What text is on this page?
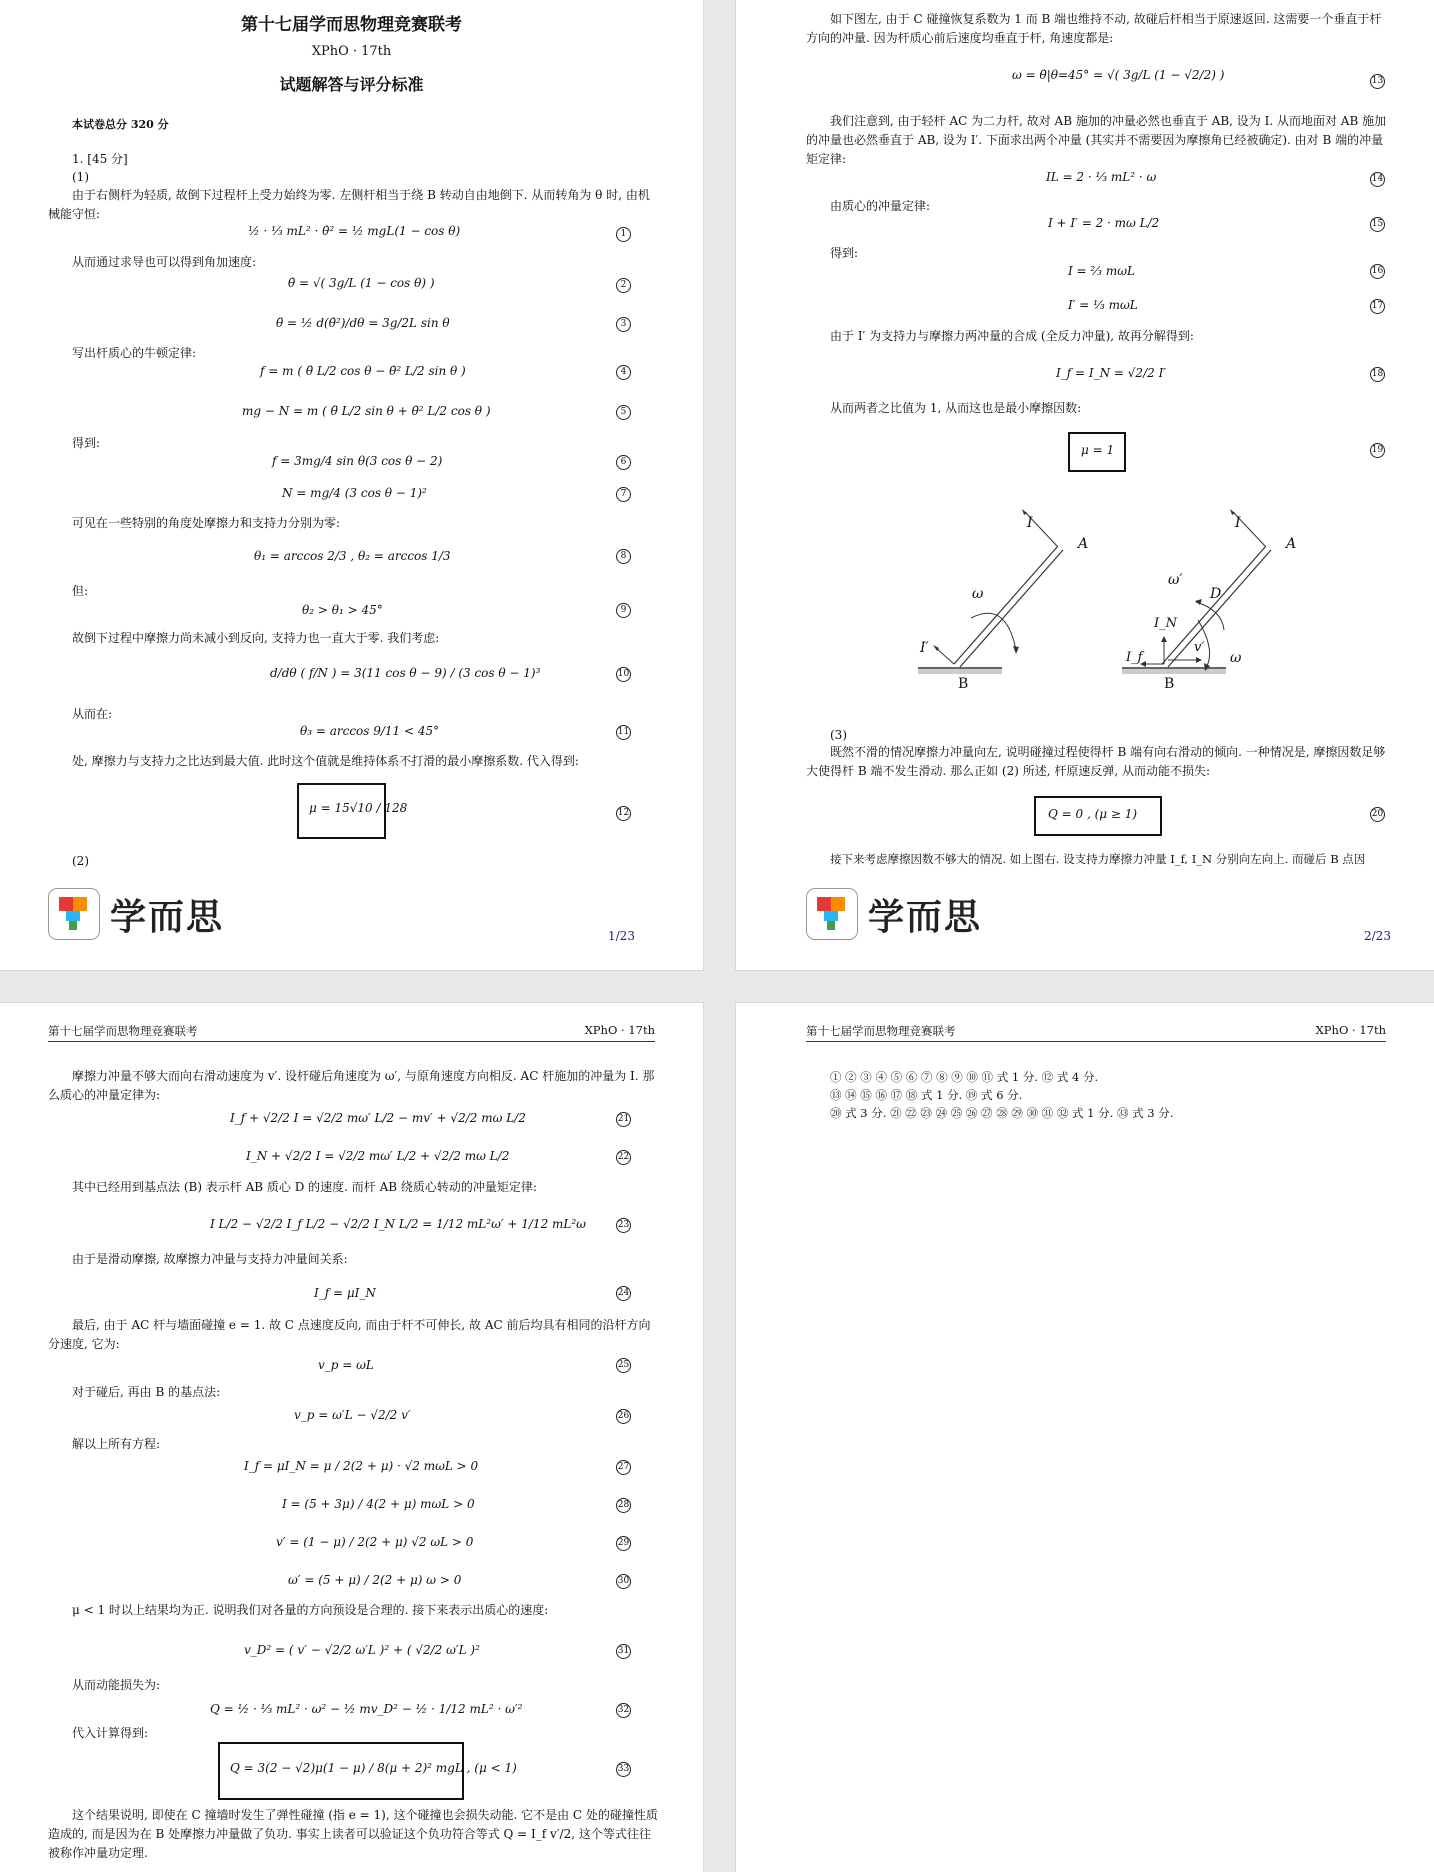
第十七届学而思物理竞赛联考
XPhO · 17th
试题解答与评分标准
本试卷总分 320 分
1. [45 分]
(1)
由于右侧杆为轻质, 故倒下过程杆上受力始终为零. 左侧杆相当于绕 B 转动自由地倒下. 从而转角为 θ 时, 由机械能守恒:
½ · ⅓ mL² · θ̇² = ½ mgL(1 − cos θ)	1
从而通过求导也可以得到角加速度:
θ̇ = √( 3g/L (1 − cos θ) )	2
θ̈ = ½ d(θ̇²)/dθ = 3g/2L sin θ	3
写出杆质心的牛顿定律:
f = m ( θ̈ L/2 cos θ − θ̇² L/2 sin θ )	4
mg − N = m ( θ̈ L/2 sin θ + θ̇² L/2 cos θ )	5
得到:
f = 3mg/4 sin θ(3 cos θ − 2)	6
N = mg/4 (3 cos θ − 1)²	7
可见在一些特别的角度处摩擦力和支持力分别为零:
θ₁ = arccos 2/3 , θ₂ = arccos 1/3	8
但:
θ₂ > θ₁ > 45°	9
故倒下过程中摩擦力尚未减小到反向, 支持力也一直大于零. 我们考虑:
d/dθ ( f/N ) = 3(11 cos θ − 9) / (3 cos θ − 1)³	10
从而在:
θ₃ = arccos 9/11 < 45°	11
处, 摩擦力与支持力之比达到最大值. 此时这个值就是维持体系不打滑的最小摩擦系数. 代入得到:
μ = 15√10 / 128	12
(2)
学而思	1/23
如下图左, 由于 C 碰撞恢复系数为 1 而 B 端也维持不动, 故碰后杆相当于原速返回. 这需要一个垂直于杆方向的冲量. 因为杆质心前后速度均垂直于杆, 角速度都是:
ω = θ̇|θ=45° = √( 3g/L (1 − √2/2) )	13
我们注意到, 由于轻杆 AC 为二力杆, 故对 AB 施加的冲量必然也垂直于 AB, 设为 I. 从而地面对 AB 施加的冲量也必然垂直于 AB, 设为 I′. 下面求出两个冲量 (其实并不需要因为摩擦角已经被确定). 由对 B 端的冲量矩定律:
IL = 2 · ⅓ mL² · ω	14
由质心的冲量定律:
I + I′ = 2 · mω L/2	15
得到:
I = ⅔ mωL	16
I′ = ⅓ mωL	17
由于 I′ 为支持力与摩擦力两冲量的合成 (全反力冲量), 故再分解得到:
I_f = I_N = √2/2 I′	18
从而两者之比值为 1, 从而这也是最小摩擦因数:
μ = 1	19
I
A
ω
I′
B
I
A
ω′
D
I_N
I_f
v′
ω
B
(3)
既然不滑的情况摩擦力冲量向左, 说明碰撞过程使得杆 B 端有向右滑动的倾向. 一种情况是, 摩擦因数足够大使得杆 B 端不发生滑动. 那么正如 (2) 所述, 杆原速反弹, 从而动能不损失:
Q = 0 , (μ ≥ 1)	20
接下来考虑摩擦因数不够大的情况. 如上图右. 设支持力摩擦力冲量 I_f, I_N 分别向左向上. 而碰后 B 点因
学而思	2/23
第十七届学而思物理竞赛联考	XPhO · 17th
摩擦力冲量不够大而向右滑动速度为 v′. 设杆碰后角速度为 ω′, 与原角速度方向相反. AC 杆施加的冲量为 I. 那么质心的冲量定律为:
I_f + √2/2 I = √2/2 mω′ L/2 − mv′ + √2/2 mω L/2	21
I_N + √2/2 I = √2/2 mω′ L/2 + √2/2 mω L/2	22
其中已经用到基点法 (B) 表示杆 AB 质心 D 的速度. 而杆 AB 绕质心转动的冲量矩定律:
I L/2 − √2/2 I_f L/2 − √2/2 I_N L/2 = 1/12 mL²ω′ + 1/12 mL²ω	23
由于是滑动摩擦, 故摩擦力冲量与支持力冲量间关系:
I_f = μI_N	24
最后, 由于 AC 杆与墙面碰撞 e = 1. 故 C 点速度反向, 而由于杆不可伸长, 故 AC 前后均具有相同的沿杆方向分速度, 它为:
v_p = ωL	25
对于碰后, 再由 B 的基点法:
v_p = ω′L − √2/2 v′	26
解以上所有方程:
I_f = μI_N = μ / 2(2 + μ) · √2 mωL > 0	27
I = (5 + 3μ) / 4(2 + μ) mωL > 0	28
v′ = (1 − μ) / 2(2 + μ) √2 ωL > 0	29
ω′ = (5 + μ) / 2(2 + μ) ω > 0	30
μ < 1 时以上结果均为正. 说明我们对各量的方向预设是合理的. 接下来表示出质心的速度:
v_D² = ( v′ − √2/2 ω′L )² + ( √2/2 ω′L )²	31
从而动能损失为:
Q = ½ · ⅓ mL² · ω² − ½ mv_D² − ½ · 1/12 mL² · ω′²	32
代入计算得到:
Q = 3(2 − √2)μ(1 − μ) / 8(μ + 2)² mgL , (μ < 1)	33
这个结果说明, 即使在 C 撞墙时发生了弹性碰撞 (指 e = 1), 这个碰撞也会损失动能. 它不是由 C 处的碰撞性质造成的, 而是因为在 B 处摩擦力冲量做了负功. 事实上读者可以验证这个负功符合等式 Q = I_f v′/2, 这个等式往往被称作冲量功定理.
第十七届学而思物理竞赛联考	XPhO · 17th
① ② ③ ④ ⑤ ⑥ ⑦ ⑧ ⑨ ⑩ ⑪ 式 1 分. ⑫ 式 4 分.
⑬ ⑭ ⑮ ⑯ ⑰ ⑱ 式 1 分. ⑲ 式 6 分.
⑳ 式 3 分. ㉑ ㉒ ㉓ ㉔ ㉕ ㉖ ㉗ ㉘ ㉙ ㉚ ㉛ ㉜ 式 1 分. ㉝ 式 3 分.
